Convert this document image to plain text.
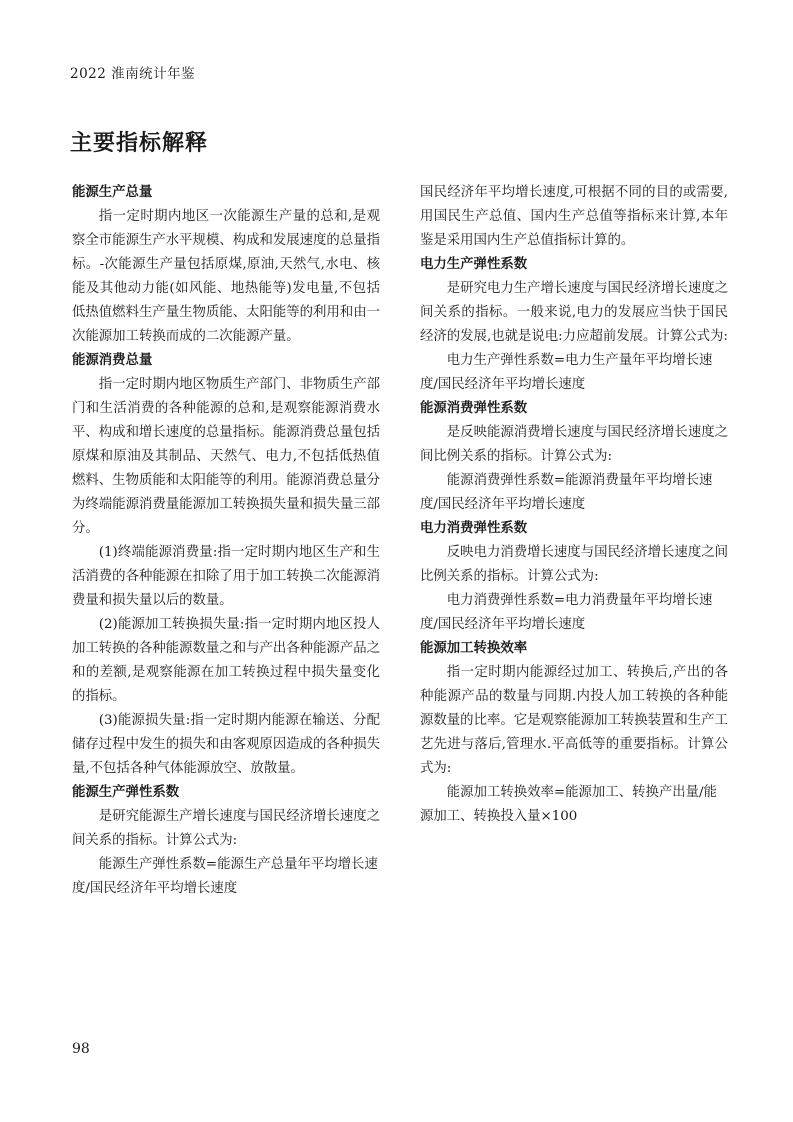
2022 淮南统计年鉴
主要指标解释
能源生产总量

指一定时期内地区一次能源生产量的总和,是观察全市能源生产水平规模、构成和发展速度的总量指标。-次能源生产量包括原煤,原油,天然气,水电、核能及其他动力能(如风能、地热能等)发电量,不包括低热值燃料生产量生物质能、太阳能等的利用和由一次能源加工转换而成的二次能源产量。

能源消费总量

指一定时期内地区物质生产部门、非物质生产部门和生活消费的各种能源的总和,是观察能源消费水平、构成和增长速度的总量指标。能源消费总量包括原煤和原油及其制品、天然气、电力,不包括低热值燃料、生物质能和太阳能等的利用。能源消费总量分为终端能源消费量能源加工转换损失量和损失量三部分。

(1)终端能源消费量:指一定时期内地区生产和生活消费的各种能源在扣除了用于加工转换二次能源消费量和损失量以后的数量。

(2)能源加工转换损失量:指一定时期内地区投人加工转换的各种能源数量之和与产出各种能源产品之和的差额,是观察能源在加工转换过程中损失量变化的指标。

(3)能源损失量:指一定时期内能源在输送、分配储存过程中发生的损失和由客观原因造成的各种损失量,不包括各种气体能源放空、放散量。

能源生产弹性系数

是研究能源生产增长速度与国民经济增长速度之间关系的指标。计算公式为:

能源生产弹性系数=能源生产总量年平均增长速度/国民经济年平均增长速度

国民经济年平均增长速度,可根据不同的目的或需要,用国民生产总值、国内生产总值等指标来计算,本年鉴是采用国内生产总值指标计算的。

电力生产弹性系数

是研究电力生产增长速度与国民经济增长速度之间关系的指标。一般来说,电力的发展应当快于国民经济的发展,也就是说电:力应超前发展。计算公式为:

电力生产弹性系数=电力生产量年平均增长速度/国民经济年平均增长速度

能源消费弹性系数

是反映能源消费增长速度与国民经济增长速度之间比例关系的指标。计算公式为:

能源消费弹性系数=能源消费量年平均增长速度/国民经济年平均增长速度

电力消费弹性系数

反映电力消费增长速度与国民经济增长速度之间比例关系的指标。计算公式为:

电力消费弹性系数=电力消费量年平均增长速度/国民经济年平均增长速度

能源加工转换效率

指一定时期内能源经过加工、转换后,产出的各种能源产品的数量与同期.内投人加工转换的各种能源数量的比率。它是观察能源加工转换装置和生产工艺先进与落后,管理水.平高低等的重要指标。计算公式为:

能源加工转换效率=能源加工、转换产出量/能源加工、转换投入量×100

98
